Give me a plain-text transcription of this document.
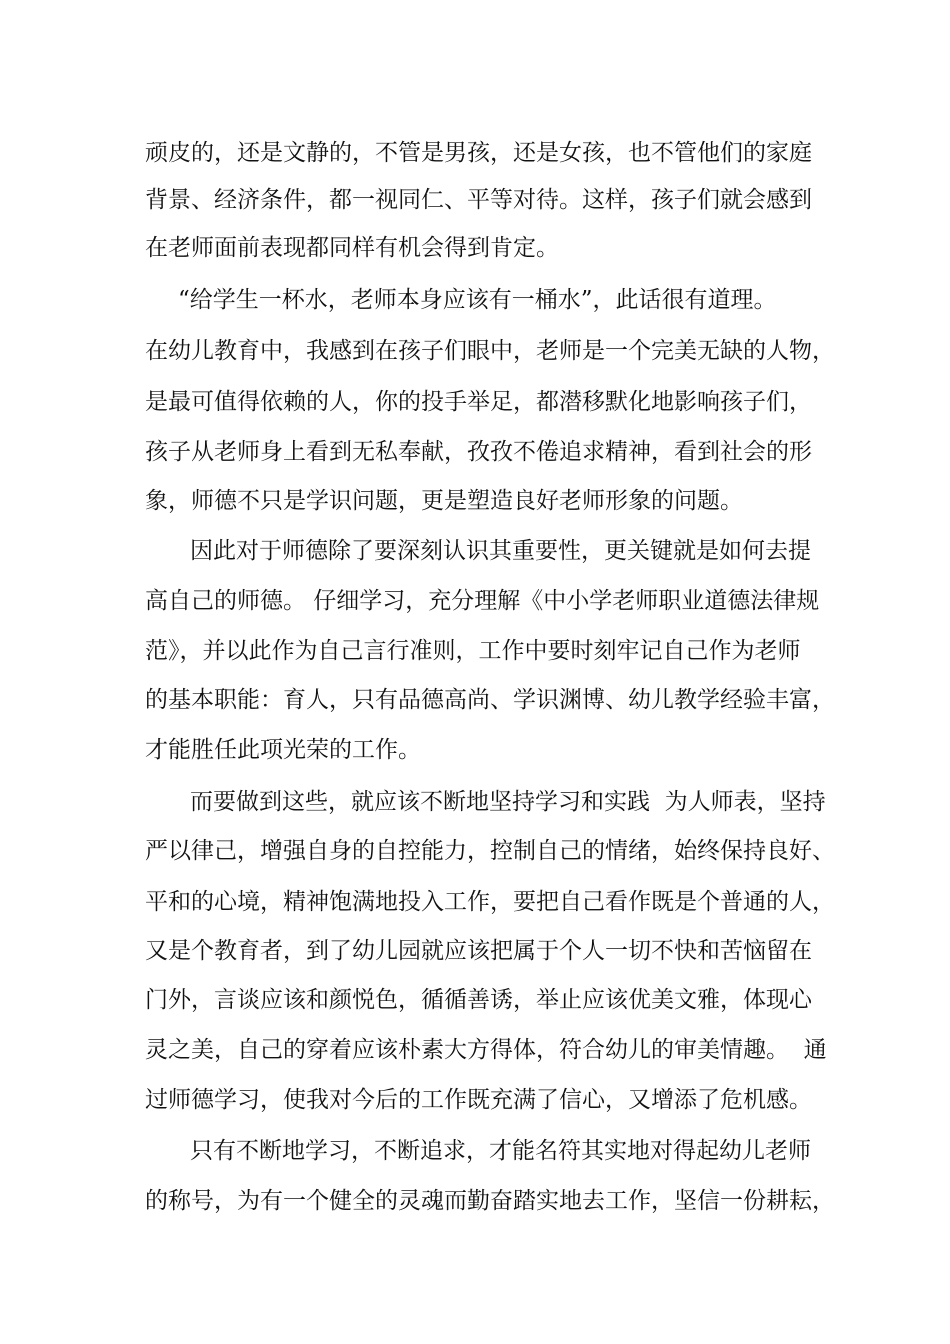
顽皮的，还是文静的，不管是男孩，还是女孩，也不管他们的家庭
背景、经济条件，都一视同仁、平等对待。这样，孩子们就会感到
在老师面前表现都同样有机会得到肯定。
“给学生一杯水，老师本身应该有一桶水”，此话很有道理。
在幼儿教育中，我感到在孩子们眼中，老师是一个完美无缺的人物，
是最可值得依赖的人，你的投手举足，都潜移默化地影响孩子们，
孩子从老师身上看到无私奉献，孜孜不倦追求精神，看到社会的形
象，师德不只是学识问题，更是塑造良好老师形象的问题。
因此对于师德除了要深刻认识其重要性，更关键就是如何去提
高自己的师德。 仔细学习，充分理解《中小学老师职业道德法律规
范》，并以此作为自己言行准则，工作中要时刻牢记自己作为老师
的基本职能：育人，只有品德高尚、学识渊博、幼儿教学经验丰富，
才能胜任此项光荣的工作。
而要做到这些，就应该不断地坚持学习和实践  为人师表，坚持
严以律己，增强自身的自控能力，控制自己的情绪，始终保持良好、
平和的心境，精神饱满地投入工作，要把自己看作既是个普通的人，
又是个教育者，到了幼儿园就应该把属于个人一切不快和苦恼留在
门外，言谈应该和颜悦色，循循善诱，举止应该优美文雅，体现心
灵之美，自己的穿着应该朴素大方得体，符合幼儿的审美情趣。  通
过师德学习，使我对今后的工作既充满了信心，又增添了危机感。
只有不断地学习，不断追求，才能名符其实地对得起幼儿老师
的称号，为有一个健全的灵魂而勤奋踏实地去工作，坚信一份耕耘，
